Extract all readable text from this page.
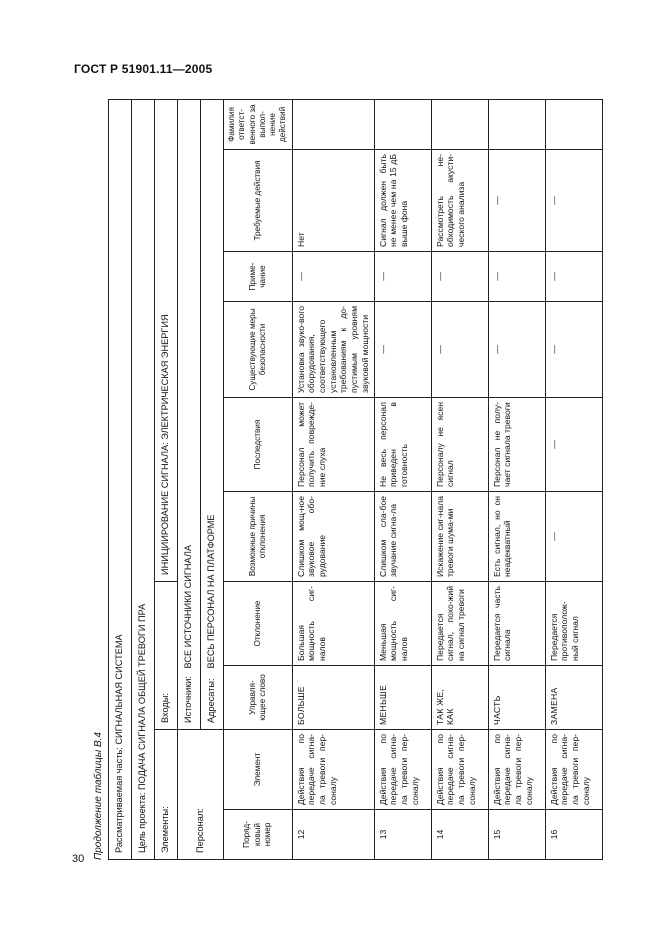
ГОСТ Р 51901.11—2005
Продолжение таблицы В.4	Рассматриваемая часть: СИГНАЛЬНАЯ СИСТЕМА									
Цель проекта: ПОДАЧА СИГНАЛА ОБЩЕЙ ТРЕВОГИ ПРА									
Элементы:		Входы:		ИНИЦИИРОВАНИЕ СИГНАЛА: ЭЛЕКТРИЧЕСКАЯ ЭНЕРГИЯ					
Персонал:		Источники: ВСЕ ИСТОЧНИКИ СИГНАЛА							
		Адресаты: ВЕСЬ ПЕРСОНАЛ НА ПЛАТФОРМЕ							
Поряд-ковый номер	Элемент	Управля-ющее слово	Отклонение	Возможные причины отклонения	Последствия	Существующие меры безопасности	Приме-чание	Требуемые действия	Фамилия ответст-венного за выпол-нение действий
12	Действия по передаче сигна-ла тревоги пер-соналу	БОЛЬШЕ	Большая мощность сиг-налов	Слишком мощ-ное звуковое обо-рудование	Персонал может получить поврежде-ние слуха	Установка звуко-вого оборудования, соответствующего установленным требованиям к до-пустимым уровням звуковой мощности	—	Нет	
13	Действия по передаче сигна-ла тревоги пер-соналу	МЕНЬШЕ	Меньшая мощность сиг-налов	Слишком сла-бое звучание сигна-ла	Не весь персонал приведен в готовность	—	—	Сигнал должен быть не менее чем на 15 дБ выше фона	
14	Действия по передаче сигна-ла тревоги пер-соналу	ТАК ЖЕ, КАК	Передается сигнал, похо-жий на сигнал тревоги	Искажение сиг-нала тревоги шума-ми	Персоналу не ясен сигнал	—	—	Рассмотреть не-обходимость акусти-ческого анализа	
15	Действия по передаче сигна-ла тревоги пер-соналу	ЧАСТЬ	Передается часть сигнала	Есть сигнал, но он неадекватный	Персонал не полу-чает сигнала тревоги	—	—	—	
16	Действия по передаче сигна-ла тревоги пер-соналу	ЗАМЕНА	Передается противополож-ный сигнал	—	—	—	—	—	
30
